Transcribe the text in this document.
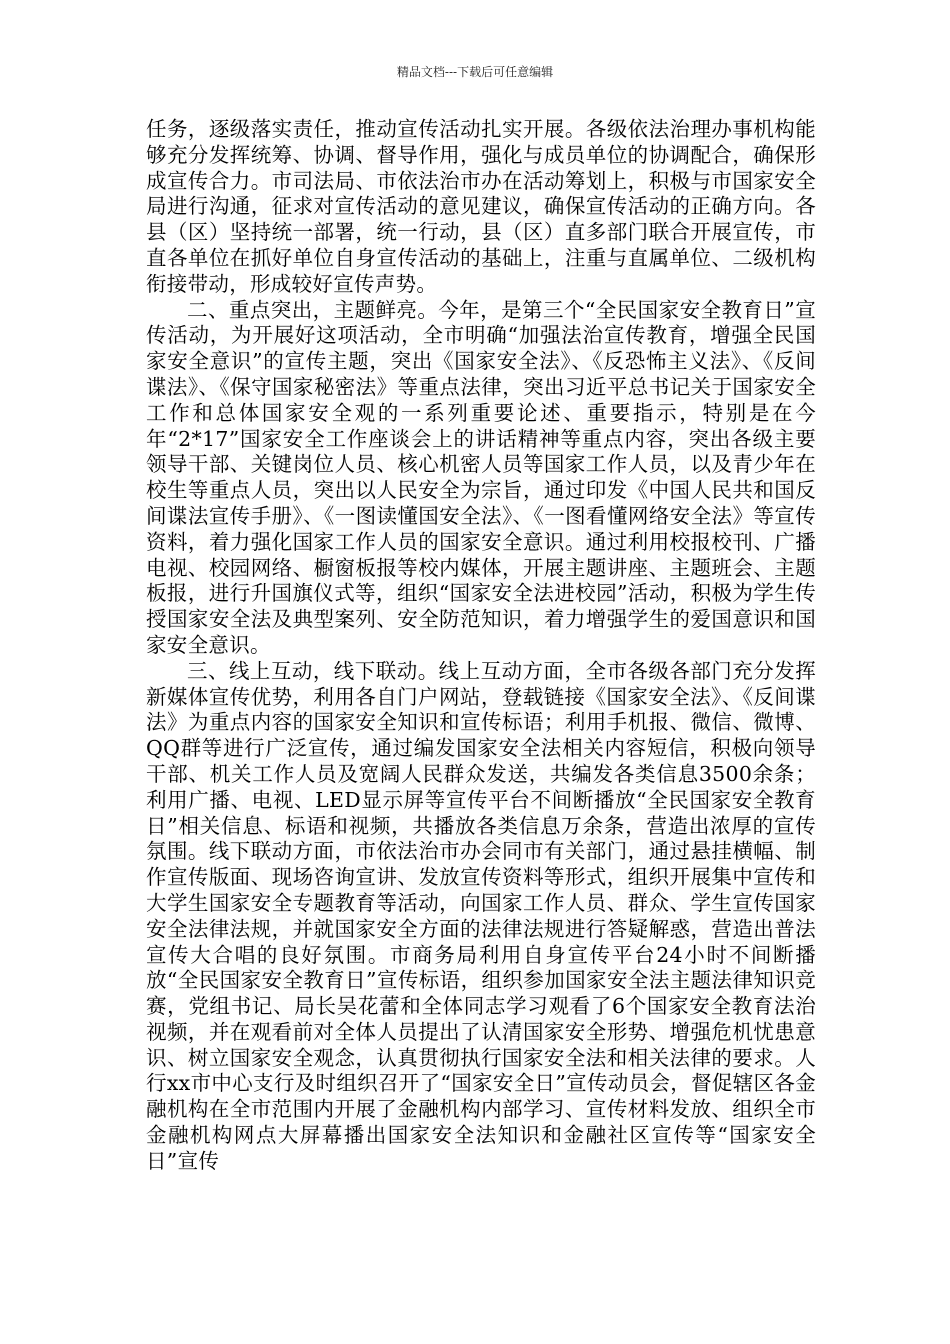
精品文档---下载后可任意编辑

任务，逐级落实责任，推动宣传活动扎实开展。各级依法治理办事机构能够充分发挥统筹、协调、督导作用，强化与成员单位的协调配合，确保形成宣传合力。市司法局、市依法治市办在活动筹划上，积极与市国家安全局进行沟通，征求对宣传活动的意见建议，确保宣传活动的正确方向。各县（区）坚持统一部署，统一行动，县（区）直多部门联合开展宣传，市直各单位在抓好单位自身宣传活动的基础上，注重与直属单位、二级机构衔接带动，形成较好宣传声势。

二、重点突出，主题鲜亮。今年，是第三个“全民国家安全教育日”宣传活动，为开展好这项活动，全市明确“加强法治宣传教育，增强全民国家安全意识”的宣传主题，突出《国家安全法》、《反恐怖主义法》、《反间谍法》、《保守国家秘密法》等重点法律，突出习近平总书记关于国家安全工作和总体国家安全观的一系列重要论述、重要指示，特别是在今年“2*17”国家安全工作座谈会上的讲话精神等重点内容，突出各级主要领导干部、关键岗位人员、核心机密人员等国家工作人员，以及青少年在校生等重点人员，突出以人民安全为宗旨，通过印发《中国人民共和国反间谍法宣传手册》、《一图读懂国安全法》、《一图看懂网络安全法》等宣传资料，着力强化国家工作人员的国家安全意识。通过利用校报校刊、广播电视、校园网络、橱窗板报等校内媒体，开展主题讲座、主题班会、主题板报，进行升国旗仪式等，组织“国家安全法进校园”活动，积极为学生传授国家安全法及典型案列、安全防范知识，着力增强学生的爱国意识和国家安全意识。

三、线上互动，线下联动。线上互动方面，全市各级各部门充分发挥新媒体宣传优势，利用各自门户网站，登载链接《国家安全法》、《反间谍法》为重点内容的国家安全知识和宣传标语；利用手机报、微信、微博、QQ群等进行广泛宣传，通过编发国家安全法相关内容短信，积极向领导干部、机关工作人员及宽阔人民群众发送，共编发各类信息3500余条；利用广播、电视、LED显示屏等宣传平台不间断播放“全民国家安全教育日”相关信息、标语和视频，共播放各类信息万余条，营造出浓厚的宣传氛围。线下联动方面，市依法治市办会同市有关部门，通过悬挂横幅、制作宣传版面、现场咨询宣讲、发放宣传资料等形式，组织开展集中宣传和大学生国家安全专题教育等活动，向国家工作人员、群众、学生宣传国家安全法律法规，并就国家安全方面的法律法规进行答疑解惑，营造出普法宣传大合唱的良好氛围。市商务局利用自身宣传平台24小时不间断播放“全民国家安全教育日”宣传标语，组织参加国家安全法主题法律知识竞赛，党组书记、局长吴花蕾和全体同志学习观看了6个国家安全教育法治视频，并在观看前对全体人员提出了认清国家安全形势、增强危机忧患意识、树立国家安全观念，认真贯彻执行国家安全法和相关法律的要求。人行xx市中心支行及时组织召开了“国家安全日”宣传动员会，督促辖区各金融机构在全市范围内开展了金融机构内部学习、宣传材料发放、组织全市金融机构网点大屏幕播出国家安全法知识和金融社区宣传等“国家安全日”宣传
